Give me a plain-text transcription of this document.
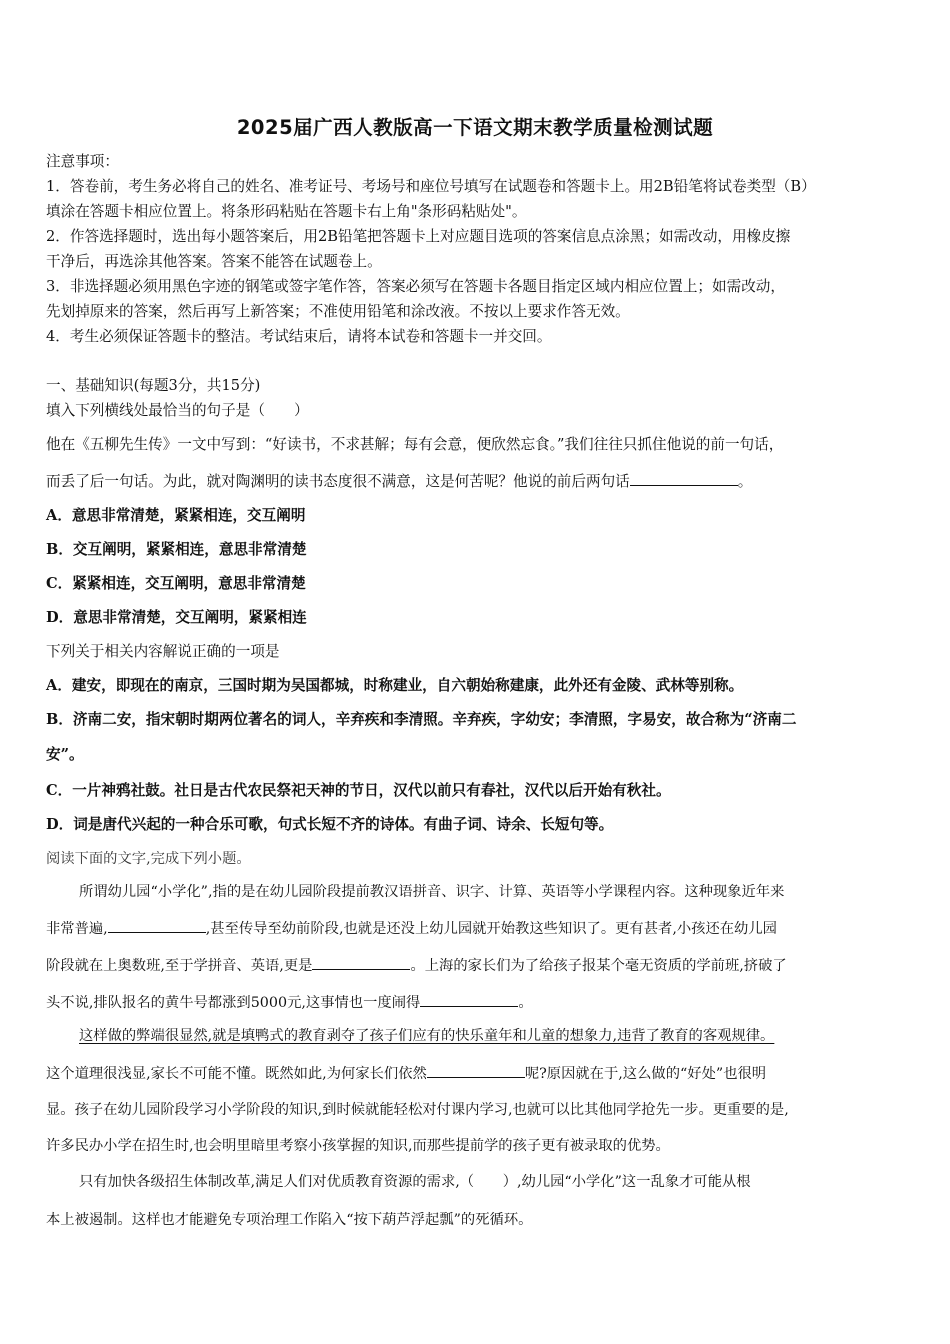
2025届广西人教版高一下语文期末教学质量检测试题
注意事项：
1．答卷前，考生务必将自己的姓名、准考证号、考场号和座位号填写在试题卷和答题卡上。用2B铅笔将试卷类型（B）
填涂在答题卡相应位置上。将条形码粘贴在答题卡右上角"条形码粘贴处"。
2．作答选择题时，选出每小题答案后，用2B铅笔把答题卡上对应题目选项的答案信息点涂黑；如需改动，用橡皮擦
干净后，再选涂其他答案。答案不能答在试题卷上。
3．非选择题必须用黑色字迹的钢笔或签字笔作答，答案必须写在答题卡各题目指定区域内相应位置上；如需改动，
先划掉原来的答案，然后再写上新答案；不准使用铅笔和涂改液。不按以上要求作答无效。
4．考生必须保证答题卡的整洁。考试结束后，请将本试卷和答题卡一并交回。
一、基础知识(每题3分，共15分)
填入下列横线处最恰当的句子是（　　）
他在《五柳先生传》一文中写到：“好读书，不求甚解；每有会意，便欣然忘食。”我们往往只抓住他说的前一句话，
而丢了后一句话。为此，就对陶渊明的读书态度很不满意，这是何苦呢？他说的前后两句话	。
A．意思非常清楚，紧紧相连，交互阐明
B．交互阐明，紧紧相连，意思非常清楚
C．紧紧相连，交互阐明，意思非常清楚
D．意思非常清楚，交互阐明，紧紧相连
下列关于相关内容解说正确的一项是
A．建安，即现在的南京，三国时期为吴国都城，时称建业，自六朝始称建康，此外还有金陵、武林等别称。
B．济南二安，指宋朝时期两位著名的词人，辛弃疾和李清照。辛弃疾，字幼安；李清照，字易安，故合称为“济南二
安”。
C．一片神鸦社鼓。社日是古代农民祭祀天神的节日，汉代以前只有春社，汉代以后开始有秋社。
D．词是唐代兴起的一种合乐可歌，句式长短不齐的诗体。有曲子词、诗余、长短句等。
阅读下面的文字,完成下列小题。
所谓幼儿园“小学化”,指的是在幼儿园阶段提前教汉语拼音、识字、计算、英语等小学课程内容。这种现象近年来
非常普遍,	,甚至传导至幼前阶段,也就是还没上幼儿园就开始教这些知识了。更有甚者,小孩还在幼儿园
阶段就在上奥数班,至于学拼音、英语,更是	。上海的家长们为了给孩子报某个毫无资质的学前班,挤破了
头不说,排队报名的黄牛号都涨到5000元,这事情也一度闹得	。
这样做的弊端很显然,就是填鸭式的教育剥夺了孩子们应有的快乐童年和儿童的想象力,违背了教育的客观规律。
这个道理很浅显,家长不可能不懂。既然如此,为何家长们依然	呢?原因就在于,这么做的“好处”也很明
显。孩子在幼儿园阶段学习小学阶段的知识,到时候就能轻松对付课内学习,也就可以比其他同学抢先一步。更重要的是,
许多民办小学在招生时,也会明里暗里考察小孩掌握的知识,而那些提前学的孩子更有被录取的优势。
只有加快各级招生体制改革,满足人们对优质教育资源的需求,（　　）,幼儿园“小学化”这一乱象才可能从根
本上被遏制。这样也才能避免专项治理工作陷入“按下葫芦浮起瓢”的死循环。
